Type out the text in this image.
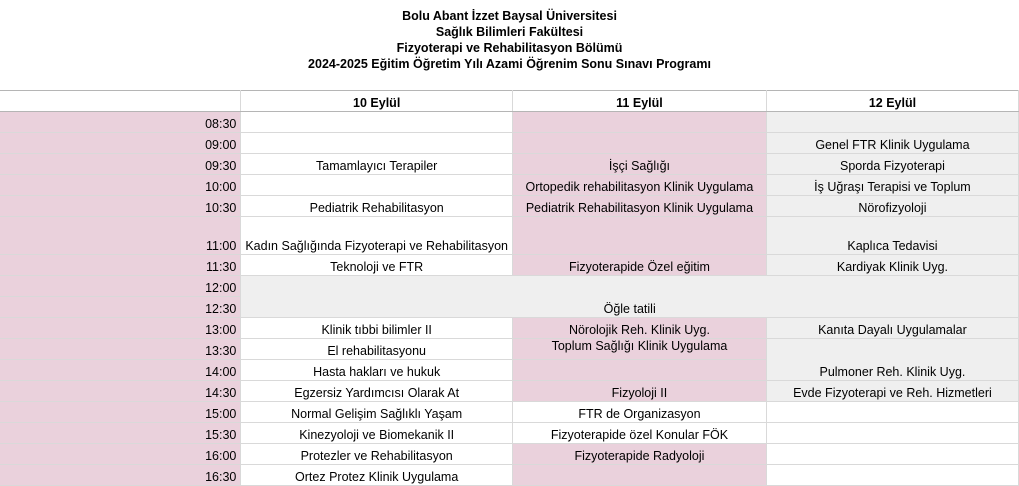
Bolu Abant İzzet Baysal Üniversitesi
Sağlık Bilimleri Fakültesi
Fizyoterapi ve Rehabilitasyon Bölümü
2024-2025 Eğitim Öğretim Yılı Azami Öğrenim Sonu Sınavı Programı
	10 Eylül	11 Eylül	12 Eylül
08:30			
09:00			Genel FTR Klinik Uygulama
09:30	Tamamlayıcı Terapiler	İşçi Sağlığı	Sporda Fizyoterapi
10:00		Ortopedik rehabilitasyon Klinik Uygulama	İş Uğraşı Terapisi ve Toplum
10:30	Pediatrik Rehabilitasyon	Pediatrik Rehabilitasyon Klinik Uygulama	Nörofizyoloji
11:00	Kadın Sağlığında Fizyoterapi ve Rehabilitasyon		Kaplıca Tedavisi
11:30	Teknoloji ve FTR	Fizyoterapide Özel eğitim	Kardiyak Klinik Uyg.
12:00	Öğle tatili		
12:30			
13:00	Klinik tıbbi bilimler II	Nörolojik Reh. Klinik Uyg.	Kanıta Dayalı Uygulamalar
13:30	El rehabilitasyonu	Toplum Sağlığı Klinik Uygulama	Pulmoner Reh. Klinik Uyg.
14:00	Hasta hakları ve hukuk		
14:30	Egzersiz Yardımcısı Olarak At	Fizyoloji II	Evde Fizyoterapi ve Reh. Hizmetleri
15:00	Normal Gelişim Sağlıklı Yaşam	FTR de Organizasyon	
15:30	Kinezyoloji ve Biomekanik II	Fizyoterapide özel Konular FÖK	
16:00	Protezler ve Rehabilitasyon	Fizyoterapide Radyoloji	
16:30	Ortez Protez Klinik Uygulama		
